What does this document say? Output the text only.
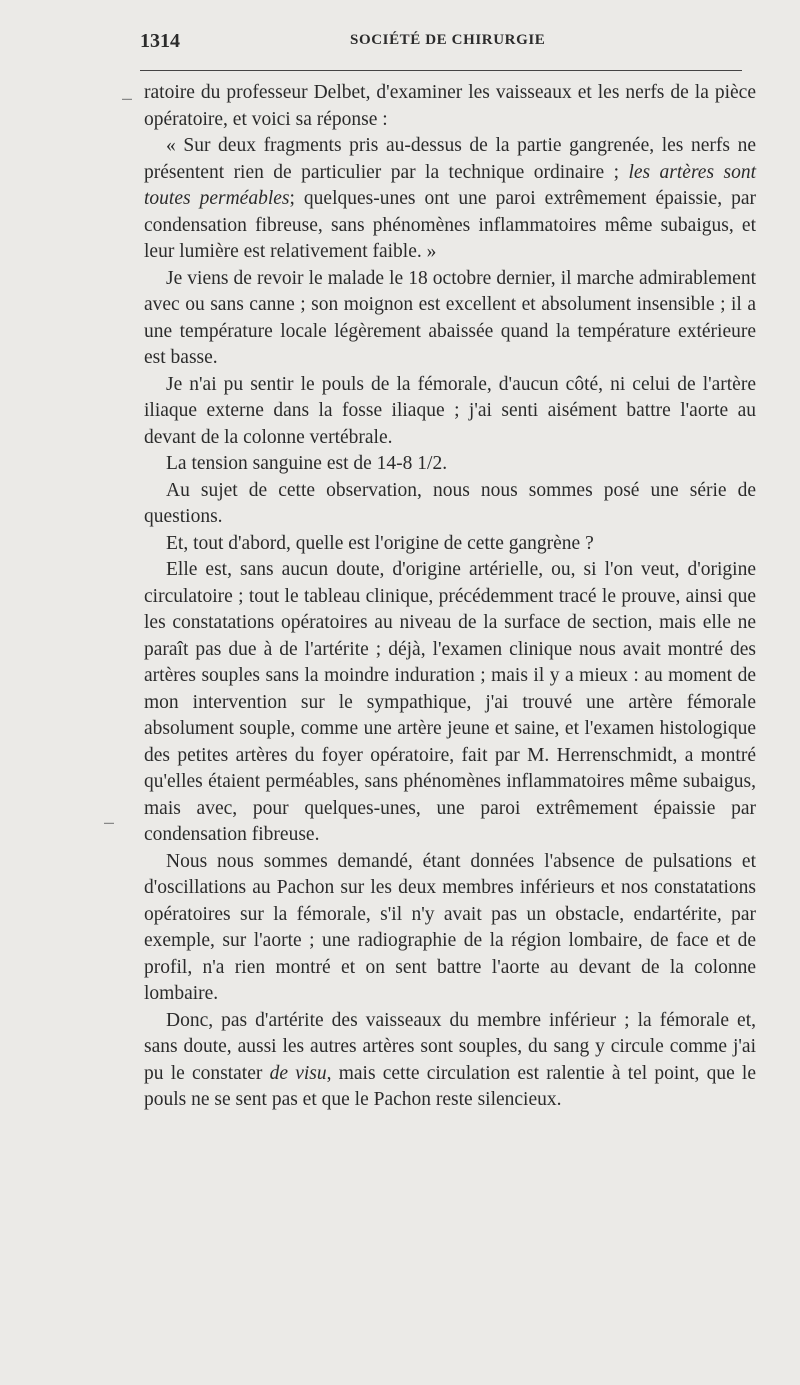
1314	SOCIÉTÉ DE CHIRURGIE
–
–

ratoire du professeur Delbet, d'examiner les vaisseaux et les nerfs de la pièce opératoire, et voici sa réponse :

« Sur deux fragments pris au-dessus de la partie gangrenée, les nerfs ne présentent rien de particulier par la technique ordinaire ; les artères sont toutes perméables; quelques-unes ont une paroi extrêmement épaissie, par condensation fibreuse, sans phénomènes inflammatoires même subaigus, et leur lumière est relativement faible. »

Je viens de revoir le malade le 18 octobre dernier, il marche admirablement avec ou sans canne ; son moignon est excellent et absolument insensible ; il a une température locale légèrement abaissée quand la température extérieure est basse.

Je n'ai pu sentir le pouls de la fémorale, d'aucun côté, ni celui de l'artère iliaque externe dans la fosse iliaque ; j'ai senti aisément battre l'aorte au devant de la colonne vertébrale.

La tension sanguine est de 14-8 1/2.

Au sujet de cette observation, nous nous sommes posé une série de questions.

Et, tout d'abord, quelle est l'origine de cette gangrène ?

Elle est, sans aucun doute, d'origine artérielle, ou, si l'on veut, d'origine circulatoire ; tout le tableau clinique, précédemment tracé le prouve, ainsi que les constatations opératoires au niveau de la surface de section, mais elle ne paraît pas due à de l'artérite ; déjà, l'examen clinique nous avait montré des artères souples sans la moindre induration ; mais il y a mieux : au moment de mon intervention sur le sympathique, j'ai trouvé une artère fémorale absolument souple, comme une artère jeune et saine, et l'examen histologique des petites artères du foyer opératoire, fait par M. Herrenschmidt, a montré qu'elles étaient perméables, sans phénomènes inflammatoires même subaigus, mais avec, pour quelques-unes, une paroi extrêmement épaissie par condensation fibreuse.

Nous nous sommes demandé, étant données l'absence de pulsations et d'oscillations au Pachon sur les deux membres inférieurs et nos constatations opératoires sur la fémorale, s'il n'y avait pas un obstacle, endartérite, par exemple, sur l'aorte ; une radiographie de la région lombaire, de face et de profil, n'a rien montré et on sent battre l'aorte au devant de la colonne lombaire.

Donc, pas d'artérite des vaisseaux du membre inférieur ; la fémorale et, sans doute, aussi les autres artères sont souples, du sang y circule comme j'ai pu le constater de visu, mais cette circulation est ralentie à tel point, que le pouls ne se sent pas et que le Pachon reste silencieux.
